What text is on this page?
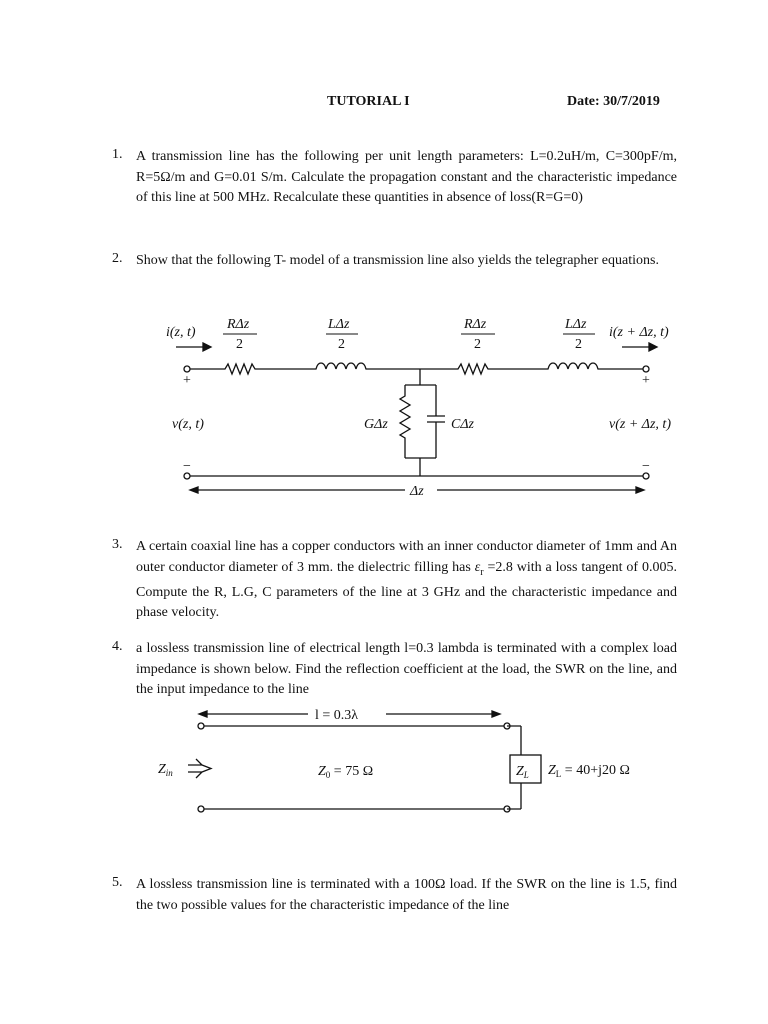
TUTORIAL I	Date: 30/7/2019
1. A transmission line has the following per unit length parameters: L=0.2uH/m, C=300pF/m, R=5Ω/m and G=0.01 S/m. Calculate the propagation constant and the characteristic impedance of this line at 500 MHz. Recalculate these quantities in absence of loss(R=G=0)
2. Show that the following T- model of a transmission line also yields the telegrapher equations.
i(z, t)	i(z + Δz, t)
RΔz	LΔz	RΔz	LΔz
v(z, t)	v(z + Δz, t)
GΔz	CΔz
2	2	2	2
+	+
−	−
Δz
3. A certain coaxial line has a copper conductors with an inner conductor diameter of 1mm and An outer conductor diameter of 3 mm. the dielectric filling has $\varepsilon_r =2.8$ with a loss tangent of 0.005. Compute the R, L.G, C parameters of the line at 3 GHz and the characteristic impedance and phase velocity.
4. a lossless transmission line of electrical length l=0.3 lambda is terminated with a complex load impedance is shown below. Find the reflection coefficient at the load, the SWR on the line, and the input impedance to the line
l = 0.3λ
$Z_{in}$	$Z_0 = 75$ Ω	$Z_L$ $Z_L = 40+j20$ Ω
5. A lossless transmission line is terminated with a 100Ω load. If the SWR on the line is 1.5, find the two possible values for the characteristic impedance of the line
